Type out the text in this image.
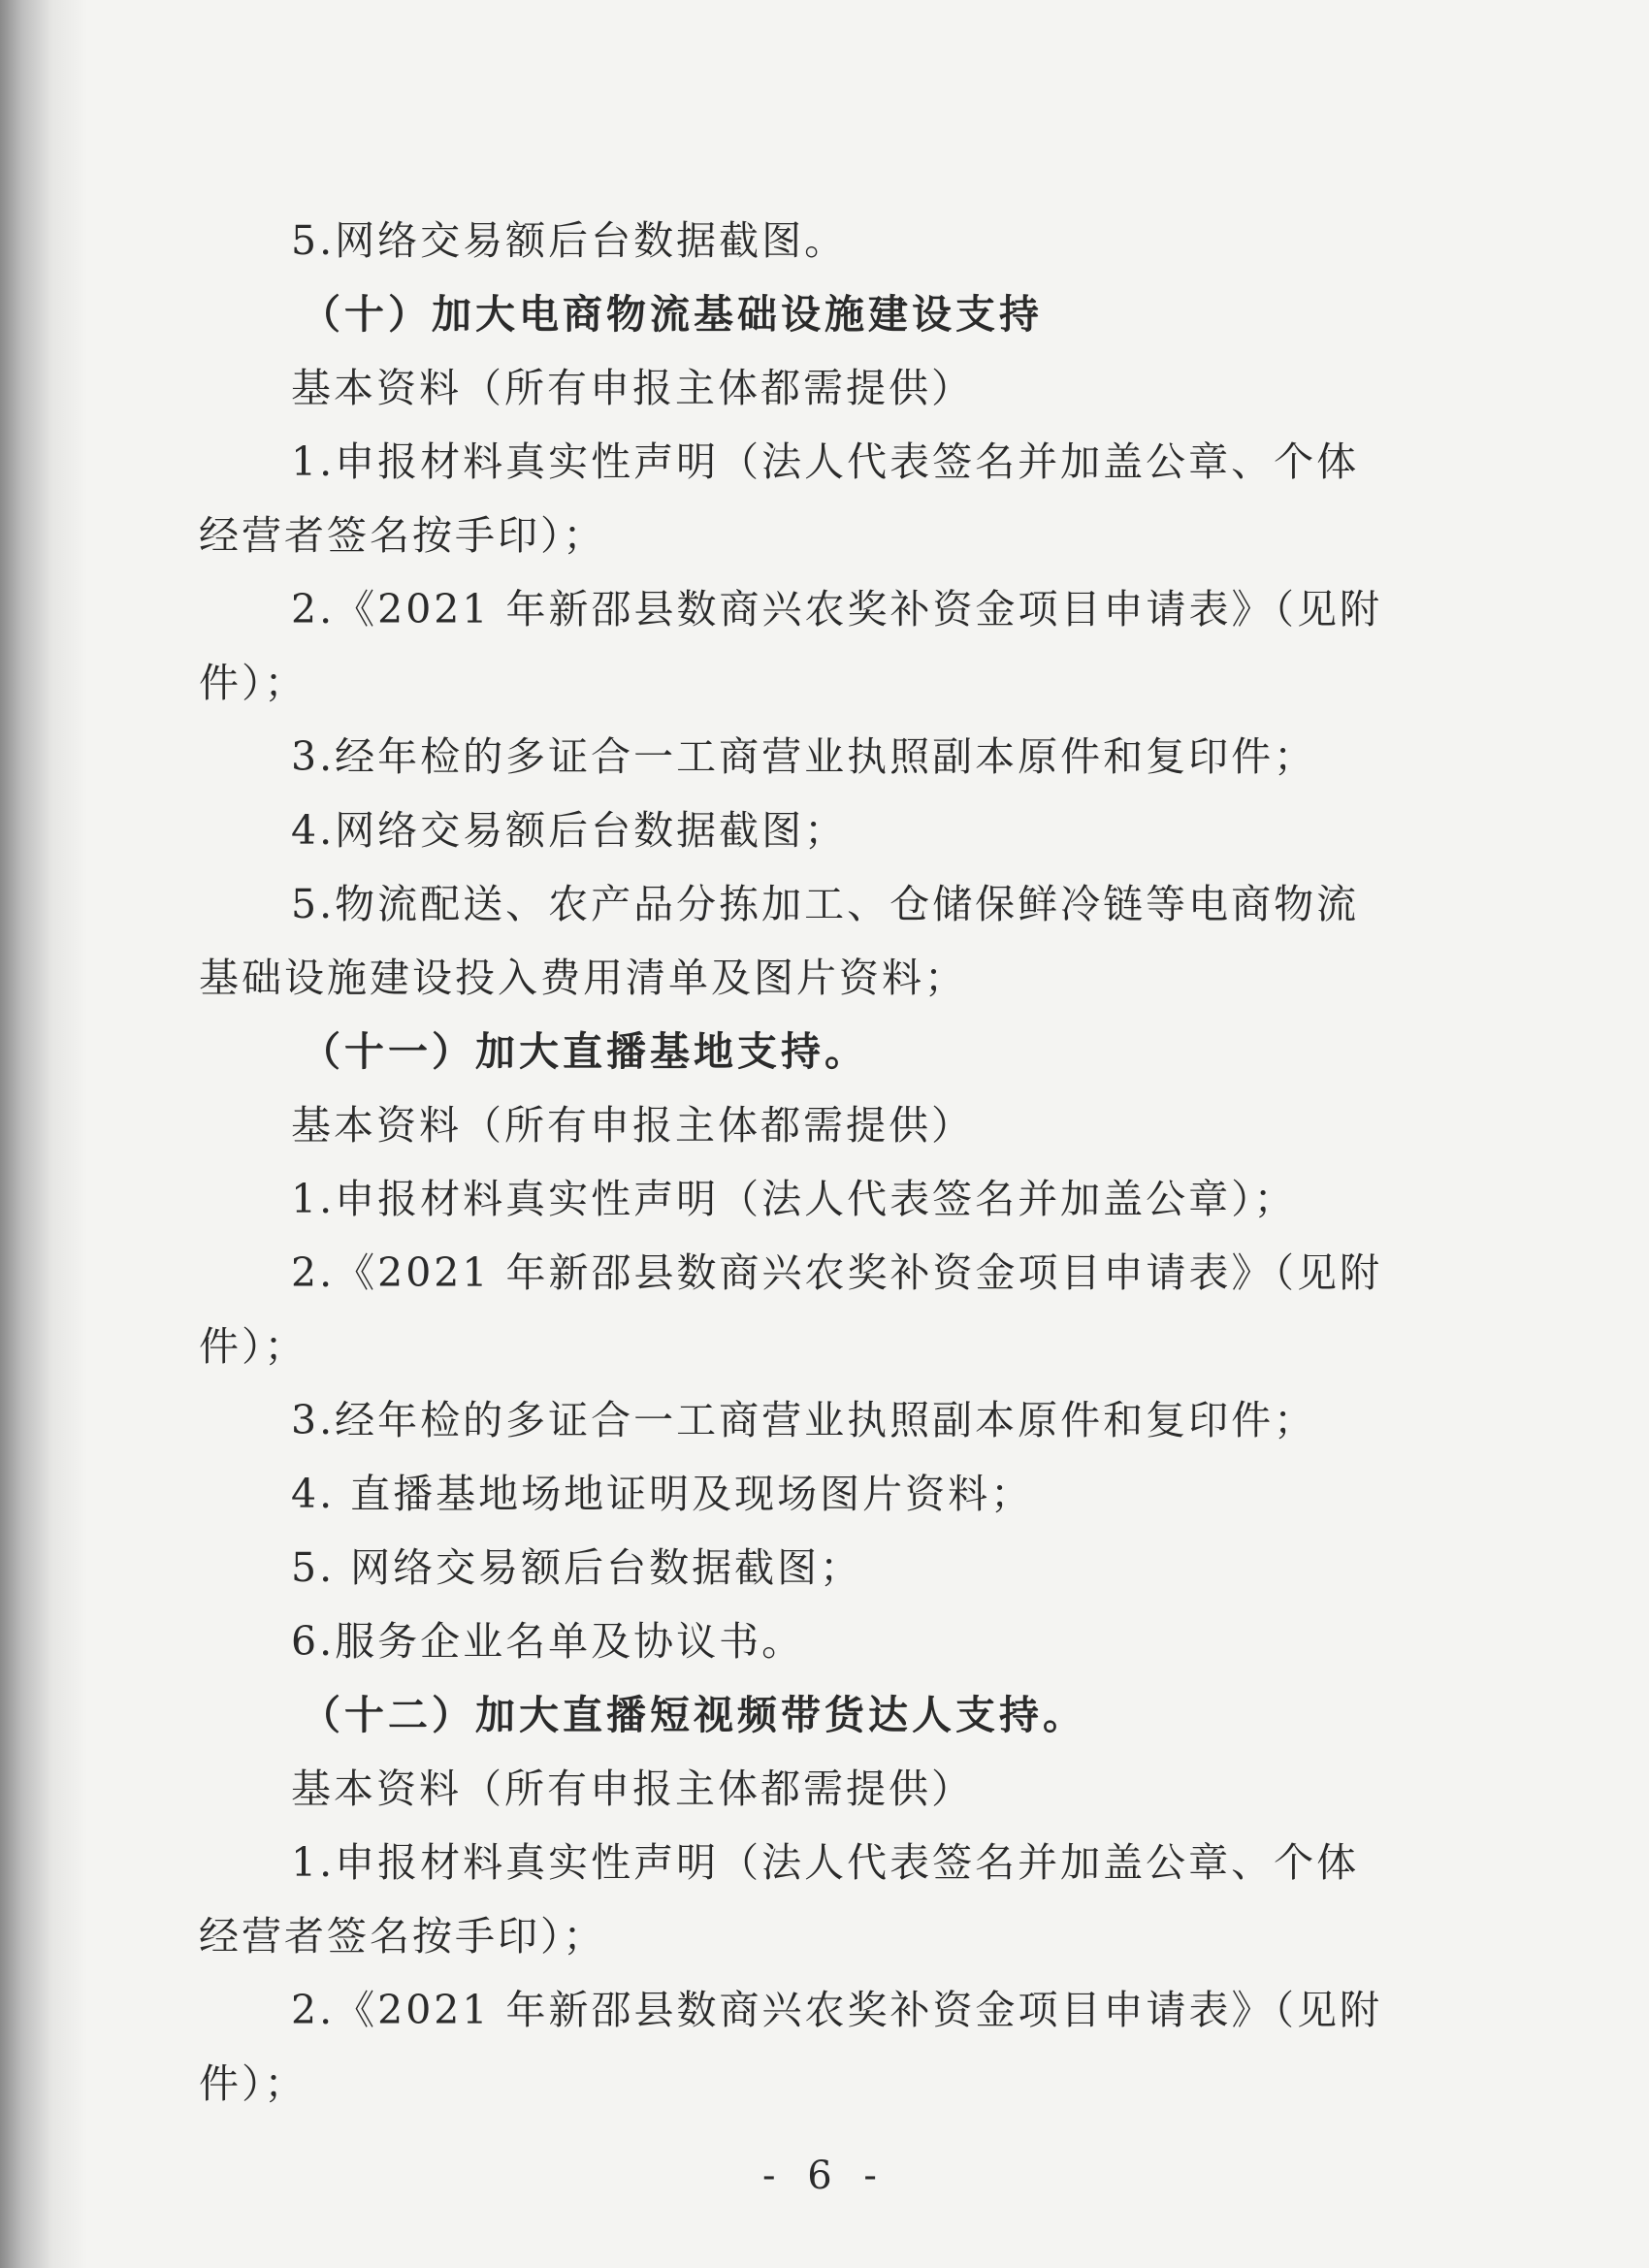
5.网络交易额后台数据截图。
（十）加大电商物流基础设施建设支持
基本资料（所有申报主体都需提供）
1.申报材料真实性声明（法人代表签名并加盖公章、个体
经营者签名按手印）；
2.《2021 年新邵县数商兴农奖补资金项目申请表》（见附
件）；
3.经年检的多证合一工商营业执照副本原件和复印件；
4.网络交易额后台数据截图；
5.物流配送、农产品分拣加工、仓储保鲜冷链等电商物流
基础设施建设投入费用清单及图片资料；
（十一）加大直播基地支持。
基本资料（所有申报主体都需提供）
1.申报材料真实性声明（法人代表签名并加盖公章）；
2.《2021 年新邵县数商兴农奖补资金项目申请表》（见附
件）；
3.经年检的多证合一工商营业执照副本原件和复印件；
4. 直播基地场地证明及现场图片资料；
5. 网络交易额后台数据截图；
6.服务企业名单及协议书。
（十二）加大直播短视频带货达人支持。
基本资料（所有申报主体都需提供）
1.申报材料真实性声明（法人代表签名并加盖公章、个体
经营者签名按手印）；
2.《2021 年新邵县数商兴农奖补资金项目申请表》（见附
件）；
- 6 -
